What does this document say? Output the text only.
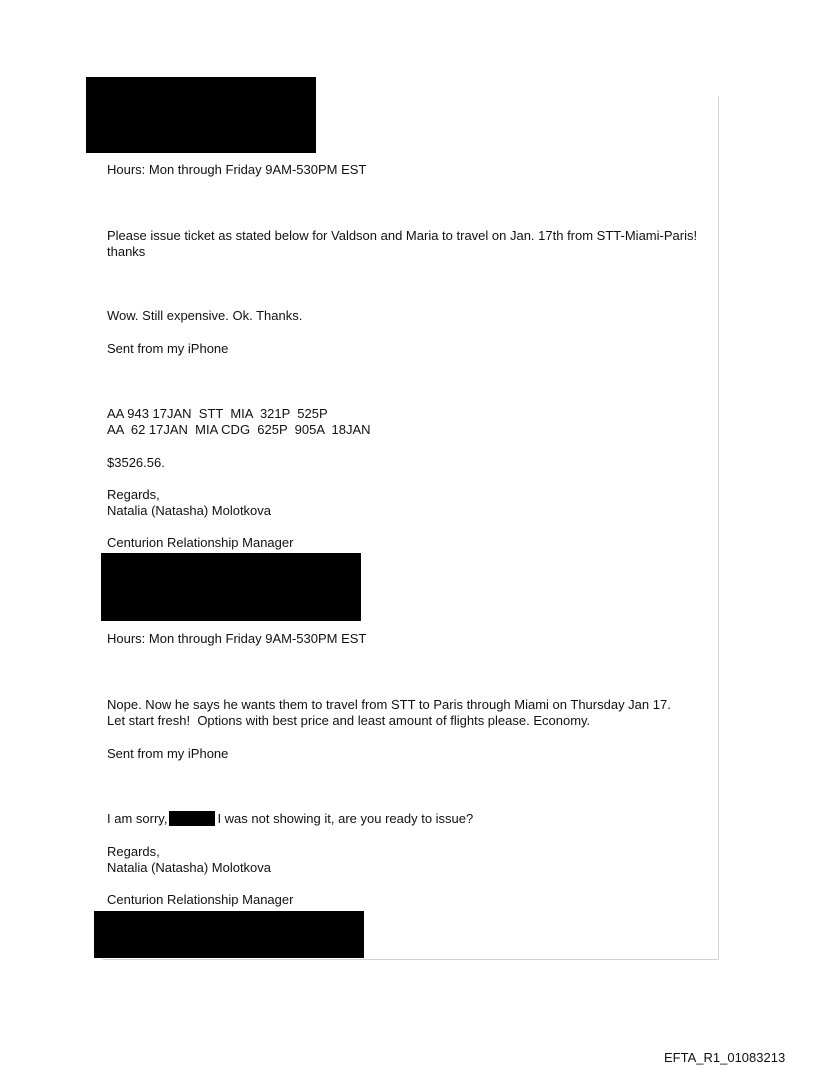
Hours: Mon through Friday 9AM-530PM EST
Please issue ticket as stated below for Valdson and Maria to travel on Jan. 17th from STT-Miami-Paris! thanks
Wow. Still expensive. Ok. Thanks.
Sent from my iPhone
AA 943 17JAN  STT  MIA  321P  525P
AA  62 17JAN  MIA CDG  625P  905A  18JAN
$3526.56.
Regards,
Natalia (Natasha) Molotkova
Centurion Relationship Manager
Hours: Mon through Friday 9AM-530PM EST
Nope. Now he says he wants them to travel from STT to Paris through Miami on Thursday Jan 17.
Let start fresh!  Options with best price and least amount of flights please. Economy.
Sent from my iPhone
I am sorry,	I was not showing it, are you ready to issue?
Regards,
Natalia (Natasha) Molotkova
Centurion Relationship Manager
EFTA_R1_01083213
